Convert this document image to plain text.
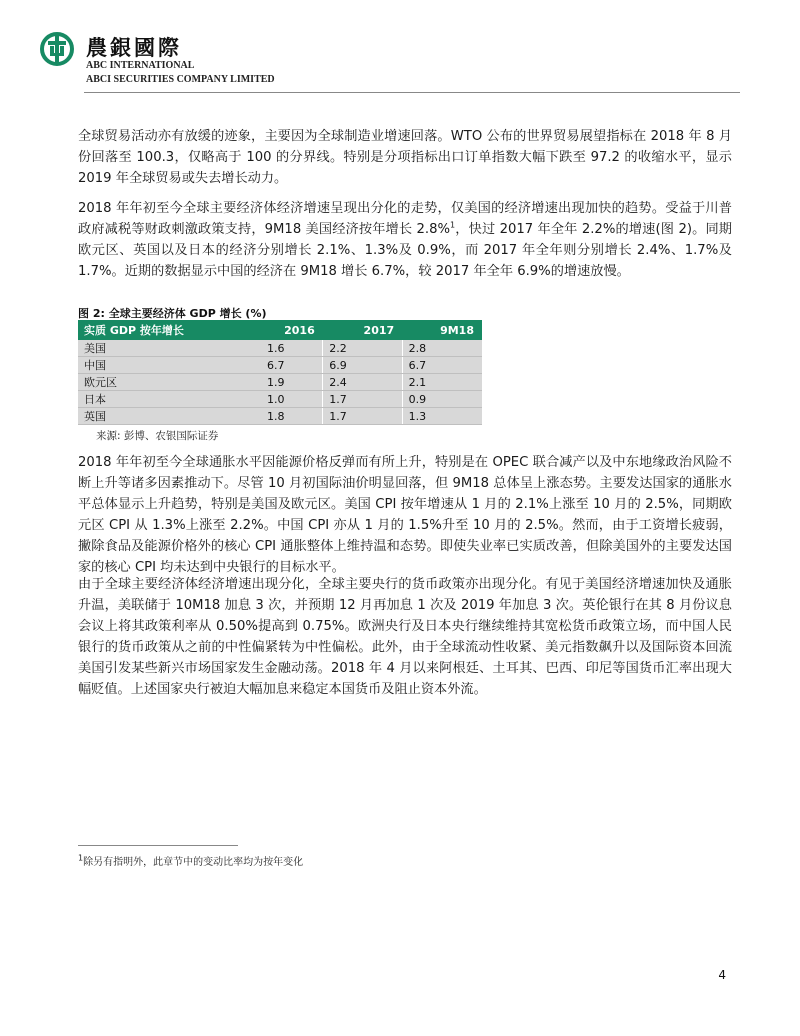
農銀國際
ABC INTERNATIONAL
ABCI SECURITIES COMPANY LIMITED

全球贸易活动亦有放缓的迹象，主要因为全球制造业增速回落。WTO 公布的世界贸易展望指标在 2018 年 8 月份回落至 100.3，仅略高于 100 的分界线。特别是分项指标出口订单指数大幅下跌至 97.2 的收缩水平，显示 2019 年全球贸易或失去增长动力。

2018 年年初至今全球主要经济体经济增速呈现出分化的走势，仅美国的经济增速出现加快的趋势。受益于川普政府减税等财政刺激政策支持，9M18 美国经济按年增长 2.8%$^1$，快过 2017 年全年 2.2%的增速(图 2)。同期欧元区、英国以及日本的经济分别增长 2.1%、1.3%及 0.9%，而 2017 年全年则分别增长 2.4%、1.7%及 1.7%。近期的数据显示中国的经济在 9M18 增长 6.7%，较 2017 年全年 6.9%的增速放慢。

图 2: 全球主要经济体 GDP 增长 (%)
实质 GDP 按年增长	2016	2017	9M18
美国	1.6	2.2	2.8
中国	6.7	6.9	6.7
欧元区	1.9	2.4	2.1
日本	1.0	1.7	0.9
英国	1.8	1.7	1.3
来源: 彭博、农银国际证券

2018 年年初至今全球通胀水平因能源价格反弹而有所上升，特别是在 OPEC 联合减产以及中东地缘政治风险不断上升等诸多因素推动下。尽管 10 月初国际油价明显回落，但 9M18 总体呈上涨态势。主要发达国家的通胀水平总体显示上升趋势，特别是美国及欧元区。美国 CPI 按年增速从 1 月的 2.1%上涨至 10 月的 2.5%，同期欧元区 CPI 从 1.3%上涨至 2.2%。中国 CPI 亦从 1 月的 1.5%升至 10 月的 2.5%。然而，由于工资增长疲弱，撇除食品及能源价格外的核心 CPI 通胀整体上维持温和态势。即使失业率已实质改善，但除美国外的主要发达国家的核心 CPI 均未达到中央银行的目标水平。

由于全球主要经济体经济增速出现分化，全球主要央行的货币政策亦出现分化。有见于美国经济增速加快及通胀升温，美联储于 10M18 加息 3 次，并预期 12 月再加息 1 次及 2019 年加息 3 次。英伦银行在其 8 月份议息会议上将其政策利率从 0.50%提高到 0.75%。欧洲央行及日本央行继续维持其宽松货币政策立场，而中国人民银行的货币政策从之前的中性偏紧转为中性偏松。此外，由于全球流动性收紧、美元指数飙升以及国际资本回流美国引发某些新兴市场国家发生金融动荡。2018 年 4 月以来阿根廷、土耳其、巴西、印尼等国货币汇率出现大幅贬值。上述国家央行被迫大幅加息来稳定本国货币及阻止资本外流。

$^1$除另有指明外，此章节中的变动比率均为按年变化
4
